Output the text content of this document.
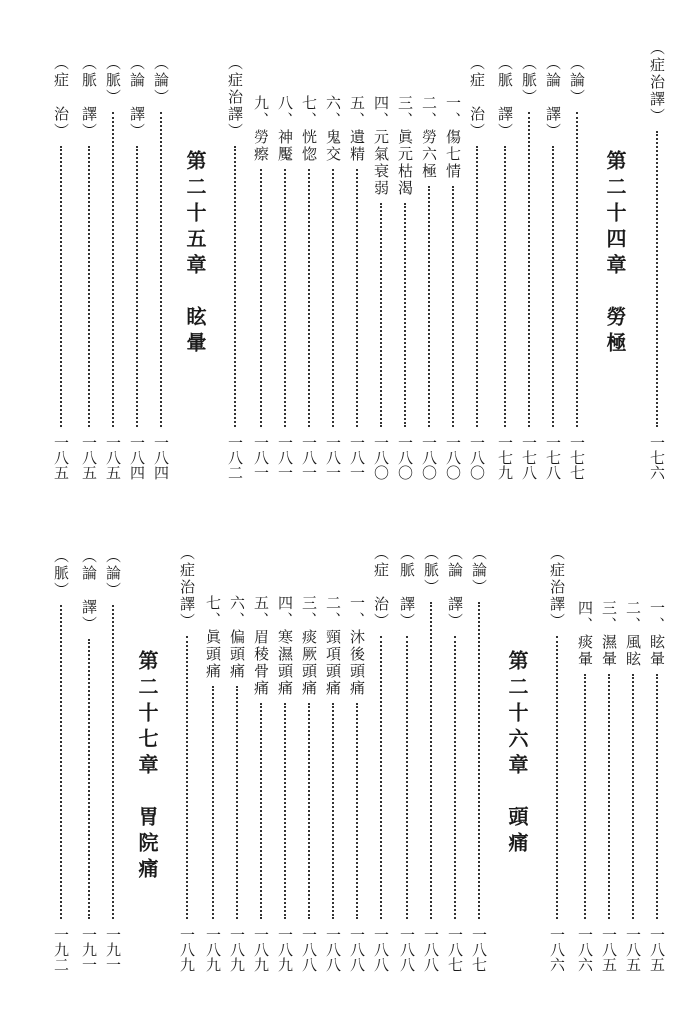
（症治譯）
一七六
第二十四章　勞極
（論）
一七七
（論　譯）
一七八
（脈）
一七八
（脈　譯）
一七九
（症　治）
一八〇
一、傷七情
一八〇
二、勞六極
一八〇
三、眞元枯渴
一八〇
四、元氣衰弱
一八〇
五、遺精
一八一
六、鬼交
一八一
七、恍惚
一八一
八、神魘
一八一
九、勞瘵
一八一
（症治譯）
一八二
第二十五章　眩暈
（論）
一八四
（論　譯）
一八四
（脈）
一八五
（脈　譯）
一八五
（症　治）
一八五
一、眩暈
一八五
二、風眩
一八五
三、濕暈
一八五
四、痰暈
一八六
（症治譯）
一八六
第二十六章　頭痛
（論）
一八七
（論　譯）
一八七
（脈）
一八八
（脈　譯）
一八八
（症　治）
一八八
一、沐後頭痛
一八八
二、頸項頭痛
一八八
三、痰厥頭痛
一八八
四、寒濕頭痛
一八九
五、眉稜骨痛
一八九
六、偏頭痛
一八九
七、眞頭痛
一八九
（症治譯）
一八九
第二十七章　胃院痛
（論）
一九一
（論　譯）
一九一
（脈）
一九二
